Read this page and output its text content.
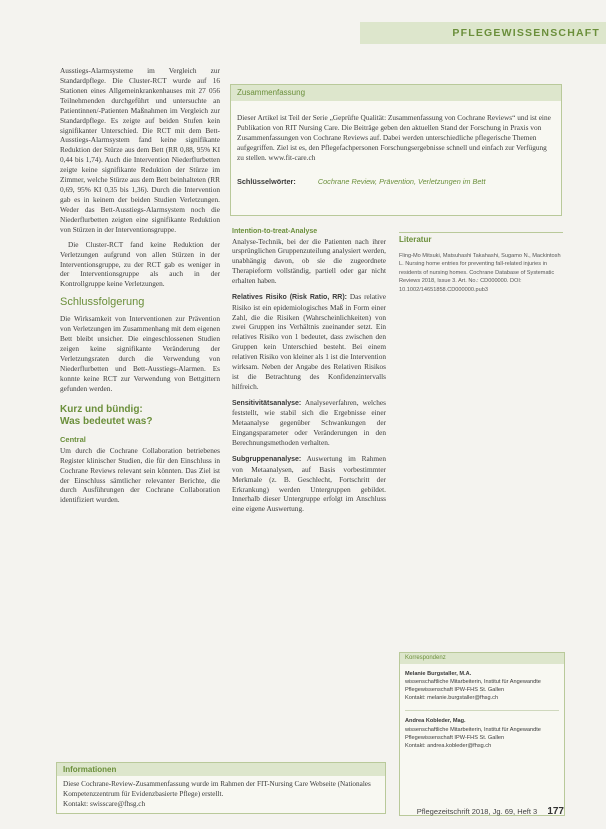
PFLEGEWISSENSCHAFT

Ausstiegs-Alarmsysteme im Vergleich zur Standardpflege. Die Cluster-RCT wurde auf 16 Stationen eines Allgemeinkrankenhauses mit 27 056 Teilnehmenden durchgeführt und untersuchte an Patientinnen/-Patienten Maßnahmen im Vergleich zur Standardpflege. Es zeigte auf beiden Stufen kein signifikanter Unterschied. Die RCT mit dem Bett-Ausstiegs-Alarmsystem fand keine signifikante Reduktion der Stürze aus dem Bett (RR 0,88, 95% KI 0,44 bis 1,74). Auch die Intervention Niederflurbetten zeigte keine signifikante Reduktion der Stürze im Zimmer, welche Stürze aus dem Bett beinhalteten (RR 0,69, 95% KI 0,35 bis 1,36). Durch die Intervention gab es in keinem der beiden Studien Verletzungen. Weder das Bett-Ausstiegs-Alarmsystem noch die Niederflurbetten zeigten eine signifikante Reduktion von Stürzen in der Interventionsgruppe.

Die Cluster-RCT fand keine Reduktion der Verletzungen aufgrund von allen Stürzen in der Interventionsgruppe, zu der RCT gab es weniger in der Interventionsgruppe als auch in der Kontrollgruppe keine Verletzungen.

Schlussfolgerung

Die Wirksamkeit von Interventionen zur Prävention von Verletzungen im Zusammenhang mit dem eigenen Bett bleibt unsicher. Die eingeschlossenen Studien zeigen keine signifikante Veränderung der Verletzungsraten durch die Verwendung von Niederflurbetten und Bett-Ausstiegs-Alarmen. Es konnte keine RCT zur Verwendung von Bettgittern gefunden werden.

Kurz und bündig:
Was bedeutet was?
Central

Um durch die Cochrane Collaboration betriebenes Register klinischer Studien, die für den Einschluss in Cochrane Reviews relevant sein könnten. Das Ziel ist der Einschluss sämtlicher relevanter Berichte, die durch Ausführungen der Cochrane Collaboration identifiziert wurden.

Zusammenfassung
Dieser Artikel ist Teil der Serie „Geprüfte Qualität: Zusammenfassung von Cochrane Reviews“ und ist eine Publikation von RIT Nursing Care. Die Beiträge geben den aktuellen Stand der Forschung in Praxis von Zusammenfassungen von Cochrane Reviews auf. Dabei werden unterschiedliche pflegerische Themen aufgegriffen. Ziel ist es, den Pflegefachpersonen Forschungsergebnisse schnell und einfach zur Verfügung zu stellen. www.fit-care.ch
Schlüsselwörter:	Cochrane Review, Prävention, Verletzungen im Bett

Intention-to-treat-Analyse
Analyse-Technik, bei der die Patienten nach ihrer ursprünglichen Gruppenzuteilung analysiert werden, unabhängig davon, ob sie die zugeordnete Therapieform vollständig, partiell oder gar nicht erhalten haben.

Relatives Risiko (Risk Ratio, RR): Das relative Risiko ist ein epidemiologisches Maß in Form einer Zahl, die die Risiken (Wahrscheinlichkeiten) von zwei Gruppen ins Verhältnis zueinander setzt. Ein relatives Risiko von 1 bedeutet, dass zwischen den Gruppen kein Unterschied besteht. Bei einem relativen Risiko von kleiner als 1 ist die Intervention wirksam. Neben der Angabe des Relativen Risikos ist die Betrachtung des Konfidenzintervalls hilfreich.

Sensitivitätsanalyse: Analyseverfahren, welches feststellt, wie stabil sich die Ergebnisse einer Metaanalyse gegenüber Schwankungen der Eingangsparameter oder Veränderungen in den Berechnungsmethoden verhalten.

Subgruppenanalyse: Auswertung im Rahmen von Metaanalysen, auf Basis vorbestimmter Merkmale (z. B. Geschlecht, Fortschritt der Erkrankung) werden Untergruppen gebildet. Innerhalb dieser Untergruppe erfolgt im Anschluss eine eigene Auswertung.

Literatur
Fling-Mo Mitsuki, Matsuhashi Takahashi, Sugamo N., Mackintosh L. Nursing home entries for preventing fall-related injuries in residents of nursing homes. Cochrane Database of Systematic Reviews 2018, Issue 3. Art. No.: CD000000. DOI: 10.1002/14651858.CD000000.pub3
Korrespondenz
Melanie Burgstaller, M.A.
wissenschaftliche Mitarbeiterin, Institut für Angewandte Pflegewissenschaft IPW-FHS St. Gallen
Kontakt: melanie.burgstaller@fhsg.ch
Andrea Kobleder, Mag.
wissenschaftliche Mitarbeiterin, Institut für Angewandte Pflegewissenschaft IPW-FHS St. Gallen
Kontakt: andrea.kobleder@fhsg.ch
Informationen
Diese Cochrane-Review-Zusammenfassung wurde im Rahmen der FIT-Nursing Care Webseite (Nationales Kompetenzzentrum für Evidenzbasierte Pflege) erstellt.
Kontakt: swisscare@fhsg.ch
Pflegezeitschrift 2018, Jg. 69, Heft 3 177
